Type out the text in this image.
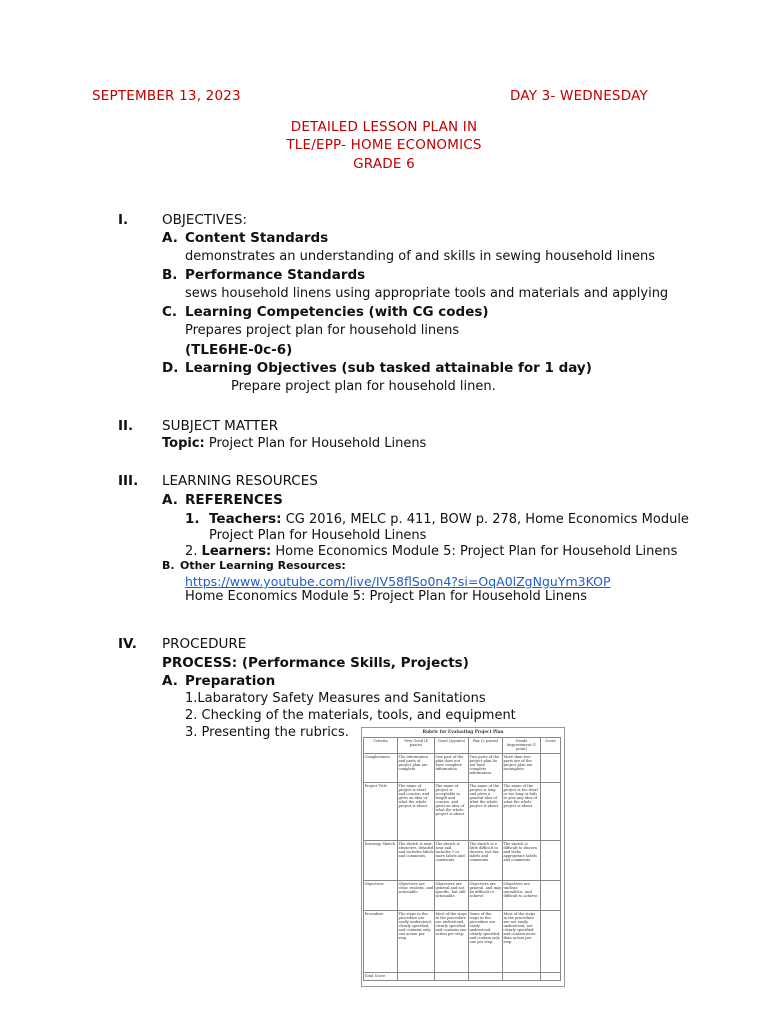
SEPTEMBER 13, 2023	DAY 3- WEDNESDAY
DETAILED LESSON PLAN IN
TLE/EPP- HOME ECONOMICS
GRADE 6
I.	OBJECTIVES:
A. Content Standards
demonstrates an understanding of and skills in sewing household linens
B. Performance Standards
sews household linens using appropriate tools and materials and applying
C. Learning Competencies (with CG codes)
Prepares project plan for household linens
(TLE6HE-0c-6)
D. Learning Objectives (sub tasked attainable for 1 day)
Prepare project plan for household linen.
II. SUBJECT MATTER
Topic: Project Plan for Household Linens
III. LEARNING RESOURCES
A. REFERENCES
1. Teachers: CG 2016, MELC p. 411, BOW p. 278, Home Economics Module
Project Plan for Household Linens
2. Learners: Home Economics Module 5: Project Plan for Household Linens
B. Other Learning Resources:
https://www.youtube.com/live/IV58flSo0n4?si=OqA0lZgNguYm3KOP
Home Economics Module 5: Project Plan for Household Linens
IV. PROCEDURE
PROCESS: (Performance Skills, Projects)
A. Preparation
1.Labaratory Safety Measures and Sanitations
2. Checking of the materials, tools, and equipment
3. Presenting the rubrics.	Rubric for Evaluating Project Plan
Criteria	Very Good (4 points)	Good (3points)	Fair (2 points)	Needs Improvement (1 point)	Score
Completeness	The information and parts of project plan are complete.	One part of the plan does not have complete information.	Two parts of the project plan do not have complete information.	More than two parts are of the project plan are incomplete.	
Project Title	The name of project is short and concise, and gives an idea of what the whole project is about.	The name of project is acceptable in length and concise, and gives an idea of what the whole project is about.	The name of the project is long and gives a general idea of what the whole project is about.	The name of the project is too short or too long or fails to give any idea of what the whole project is about.	
Drawing/ Sketch	The sketch is neat, attractive, detailed and includes labels and comments.	The sketch is neat and includes 1 or more labels and comments.	The sketch is a little difficult to discern, but has labels and comments.	The sketch is difficult to discern and lacks appropriate labels and comments.	
Objectives	Objectives are clear, realistic, and actionable.	Objectives are general and not specific, but still actionable.	Objectives are general, and may be difficult to achieve.	Objectives are unclear, unrealistic, and difficult to achieve.	
Procedure	The steps in the procedure are easily understood, clearly specified, and contains only one action per step.	Most of the steps in the procedure are understood, clearly specified and contains one action per step.	Some of the steps in the procedure are easily understood, clearly specified, and contain only one per step.	Most of the steps in the procedure are not easily understood, not clearly specified, and contain more than action per step.	
Total Score					
